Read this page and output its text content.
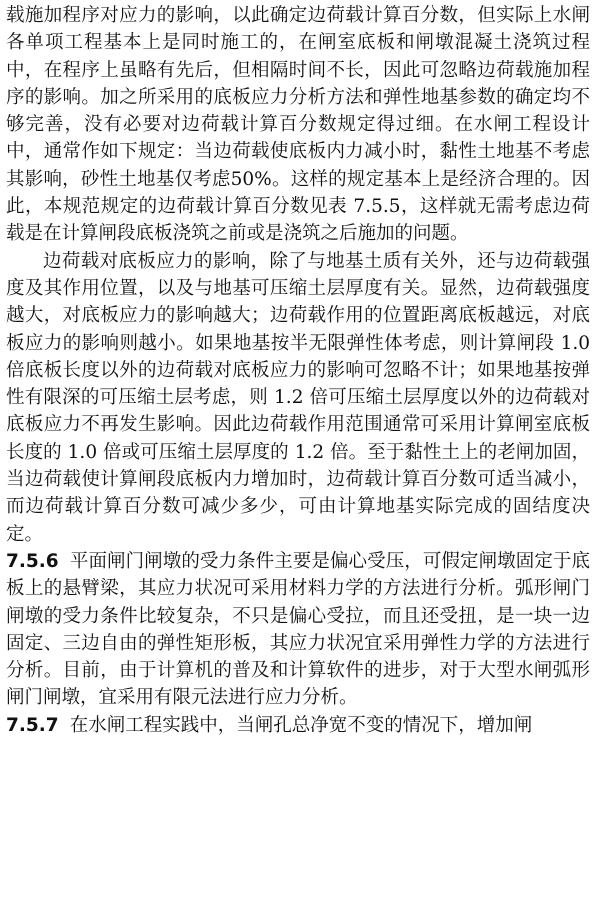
载施加程序对应力的影响，以此确定边荷载计算百分数，但实际上水闸各单项工程基本上是同时施工的，在闸室底板和闸墩混凝土浇筑过程中，在程序上虽略有先后，但相隔时间不长，因此可忽略边荷载施加程序的影响。加之所采用的底板应力分析方法和弹性地基参数的确定均不够完善，没有必要对边荷载计算百分数规定得过细。在水闸工程设计中，通常作如下规定：当边荷载使底板内力减小时，黏性土地基不考虑其影响，砂性土地基仅考虑50%。这样的规定基本上是经济合理的。因此，本规范规定的边荷载计算百分数见表 7.5.5，这样就无需考虑边荷载是在计算闸段底板浇筑之前或是浇筑之后施加的问题。

边荷载对底板应力的影响，除了与地基土质有关外，还与边荷载强度及其作用位置，以及与地基可压缩土层厚度有关。显然，边荷载强度越大，对底板应力的影响越大；边荷载作用的位置距离底板越远，对底板应力的影响则越小。如果地基按半无限弹性体考虑，则计算闸段 1.0 倍底板长度以外的边荷载对底板应力的影响可忽略不计；如果地基按弹性有限深的可压缩土层考虑，则 1.2 倍可压缩土层厚度以外的边荷载对底板应力不再发生影响。因此边荷载作用范围通常可采用计算闸室底板长度的 1.0 倍或可压缩土层厚度的 1.2 倍。至于黏性土上的老闸加固，当边荷载使计算闸段底板内力增加时，边荷载计算百分数可适当减小，而边荷载计算百分数可减少多少，可由计算地基实际完成的固结度决定。

7.5.6 平面闸门闸墩的受力条件主要是偏心受压，可假定闸墩固定于底板上的悬臂梁，其应力状况可采用材料力学的方法进行分析。弧形闸门闸墩的受力条件比较复杂，不只是偏心受拉，而且还受扭，是一块一边固定、三边自由的弹性矩形板，其应力状况宜采用弹性力学的方法进行分析。目前，由于计算机的普及和计算软件的进步，对于大型水闸弧形闸门闸墩，宜采用有限元法进行应力分析。

7.5.7 在水闸工程实践中，当闸孔总净宽不变的情况下，增加闸
